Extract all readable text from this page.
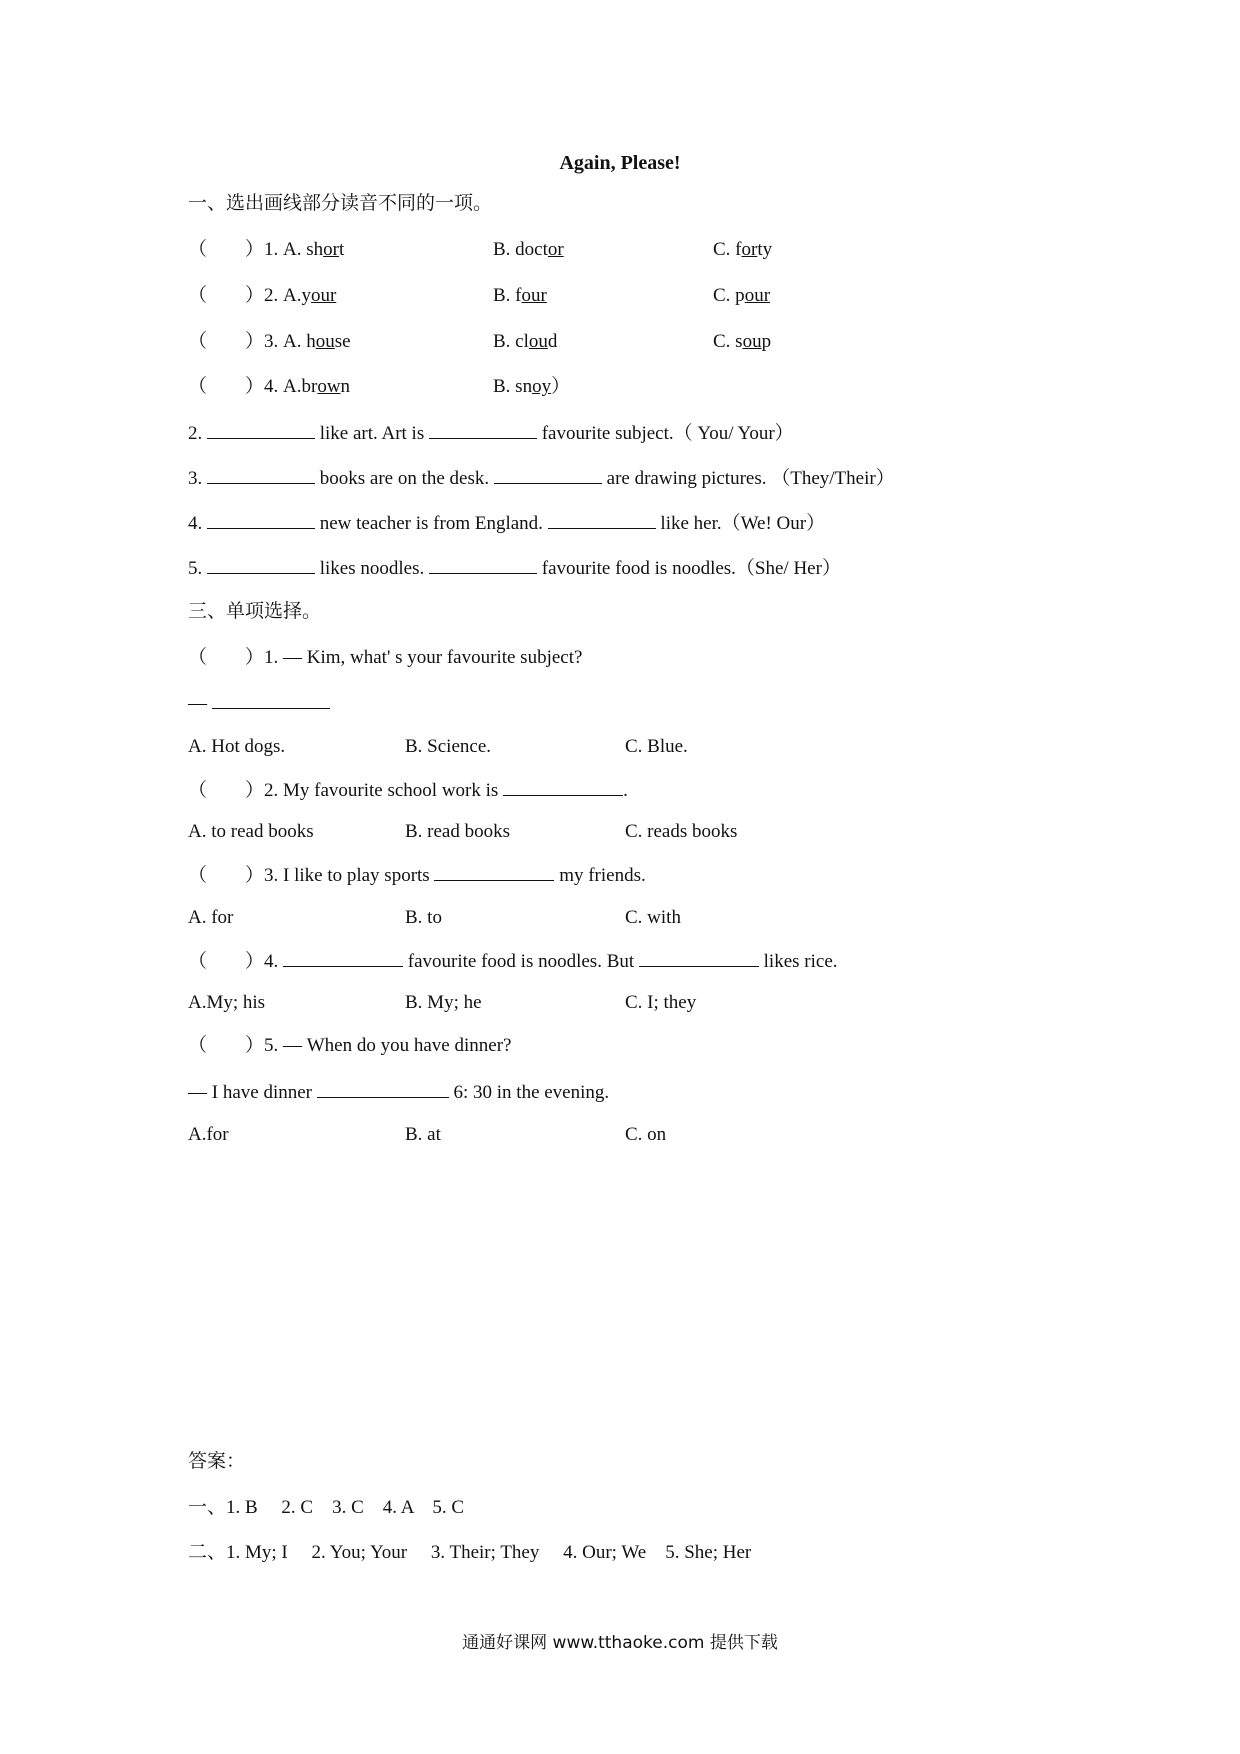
Again, Please!
一、选出画线部分读音不同的一项。
（　　）1. A. short	B. doctor	C. forty
（　　）2. A.your	B. four	C. pour
（　　）3. A. house	B. cloud	C. soup
（　　）4. A.brown	B. snoy）
2.	like art. Art is	favourite subject.（ You/ Your）
3.	books are on the desk.	are drawing pictures. （They/Their）
4.	new teacher is from England.	like her.（We! Our）
5.	likes noodles.	favourite food is noodles.（She/ Her）
三、单项选择。
（　　）1. — Kim, what' s your favourite subject?
—
A. Hot dogs.	B. Science.	C. Blue.
（　　）2. My favourite school work is	.
A. to read books	B. read books	C. reads books
（　　）3. I like to play sports	my friends.
A. for	B. to	C. with
（　　）4.	favourite food is noodles. But	likes rice.
A.My; his	B. My; he	C. I; they
（　　）5. — When do you have dinner?
— I have dinner	6: 30 in the evening.
A.for	B. at	C. on
答案：
一、1. B　 2. C　3. C　4. A　5. C
二、1. My; I　 2. You; Your　 3. Their; They　 4. Our; We　5. She; Her
通通好课网 www.tthaoke.com 提供下载
